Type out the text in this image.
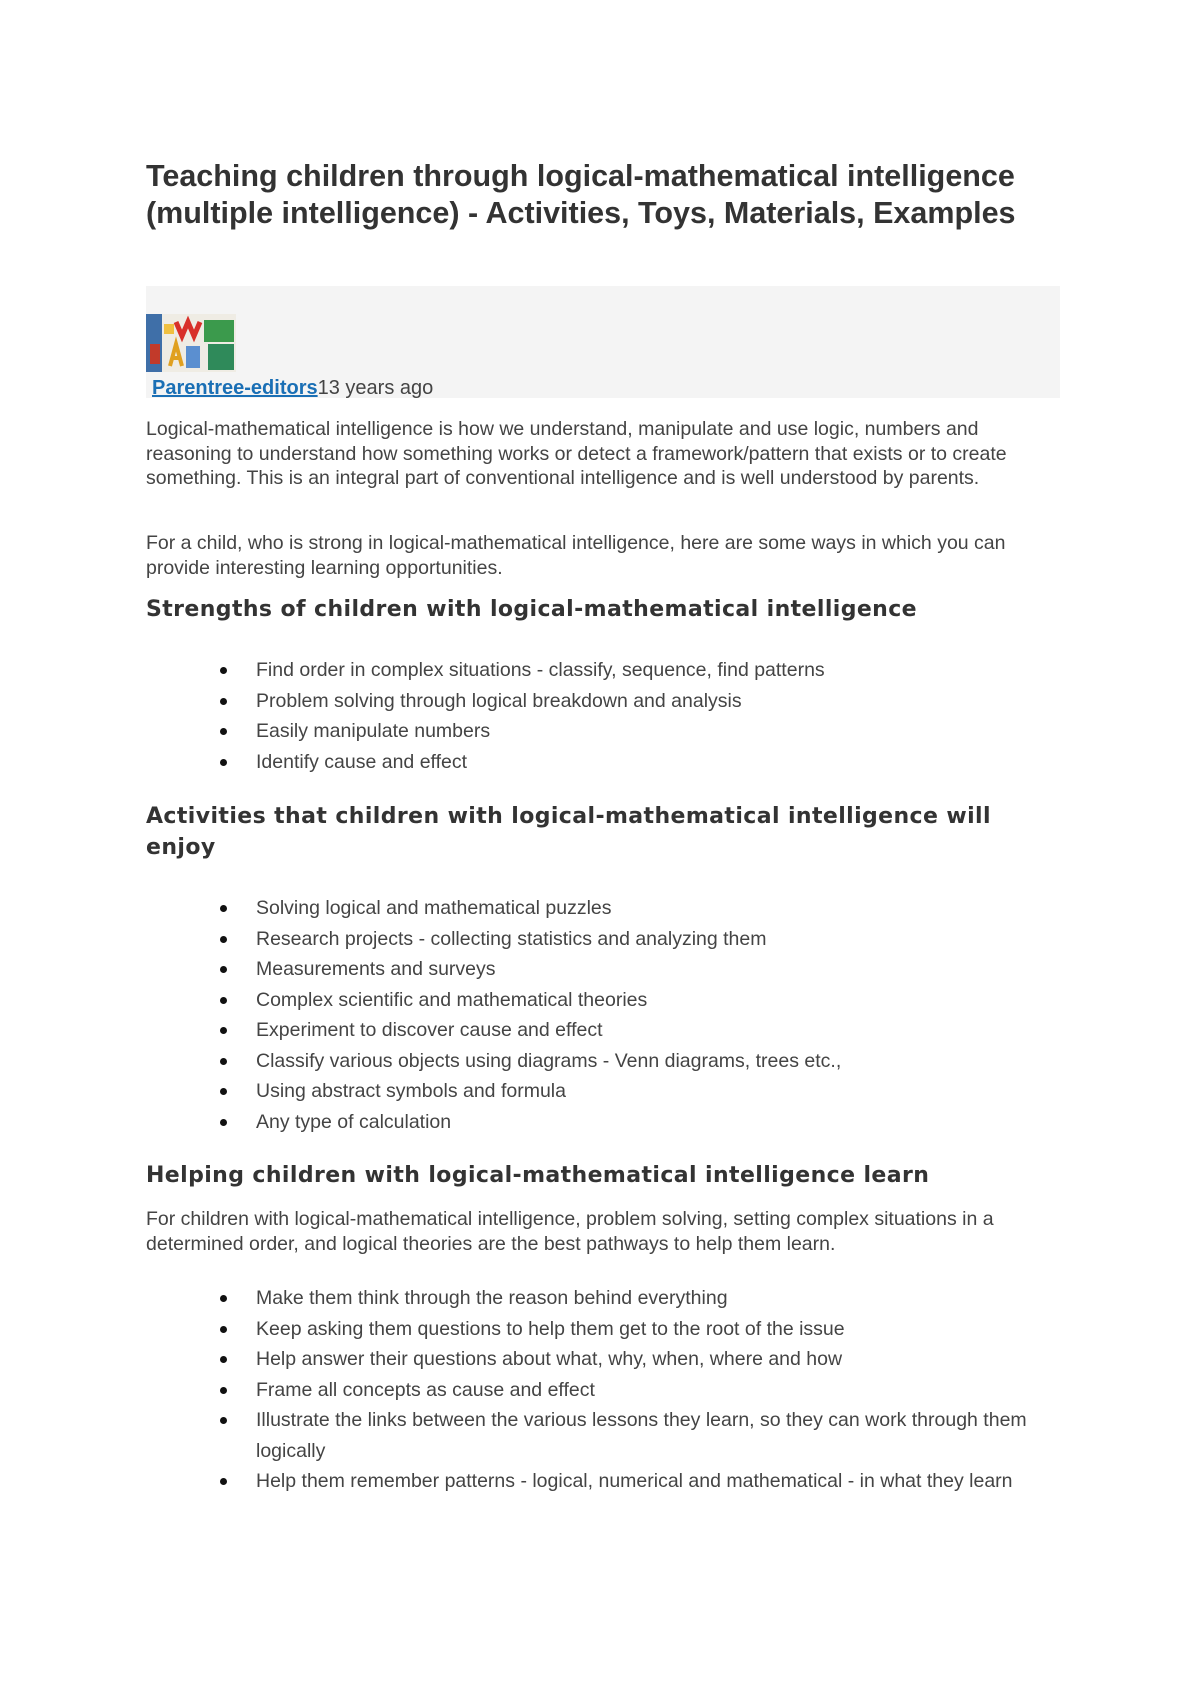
Teaching children through logical-mathematical intelligence (multiple intelligence) - Activities, Toys, Materials, Examples
Parentree-editors13 years ago

Logical-mathematical intelligence is how we understand, manipulate and use logic, numbers and reasoning to understand how something works or detect a framework/pattern that exists or to create something. This is an integral part of conventional intelligence and is well understood by parents.

For a child, who is strong in logical-mathematical intelligence, here are some ways in which you can provide interesting learning opportunities.

Strengths of children with logical-mathematical intelligence
Find order in complex situations - classify, sequence, find patterns
Problem solving through logical breakdown and analysis
Easily manipulate numbers
Identify cause and effect
Activities that children with logical-mathematical intelligence will enjoy
Solving logical and mathematical puzzles
Research projects - collecting statistics and analyzing them
Measurements and surveys
Complex scientific and mathematical theories
Experiment to discover cause and effect
Classify various objects using diagrams - Venn diagrams, trees etc.,
Using abstract symbols and formula
Any type of calculation
Helping children with logical-mathematical intelligence learn

For children with logical-mathematical intelligence, problem solving, setting complex situations in a determined order, and logical theories are the best pathways to help them learn.

Make them think through the reason behind everything
Keep asking them questions to help them get to the root of the issue
Help answer their questions about what, why, when, where and how
Frame all concepts as cause and effect
Illustrate the links between the various lessons they learn, so they can work through them logically
Help them remember patterns - logical, numerical and mathematical - in what they learn
